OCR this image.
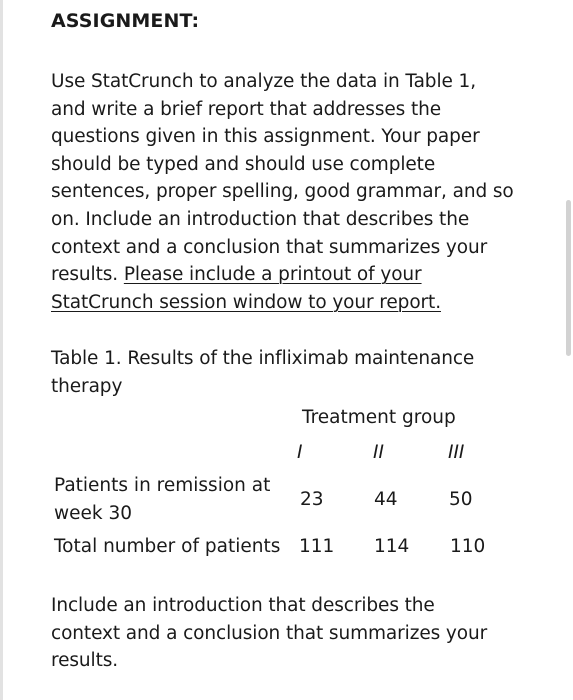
ASSIGNMENT:
Use StatCrunch to analyze the data in Table 1,
and write a brief report that addresses the
questions given in this assignment. Your paper
should be typed and should use complete
sentences, proper spelling, good grammar, and so
on. Include an introduction that describes the
context and a conclusion that summarizes your
results. Please include a printout of your
StatCrunch session window to your report.
Table 1. Results of the infliximab maintenance
therapy
Treatment group
I	II	III
Patients in remission at
week 30
23	44	50
Total number of patients 111 114 110
Include an introduction that describes the
context and a conclusion that summarizes your
results.
